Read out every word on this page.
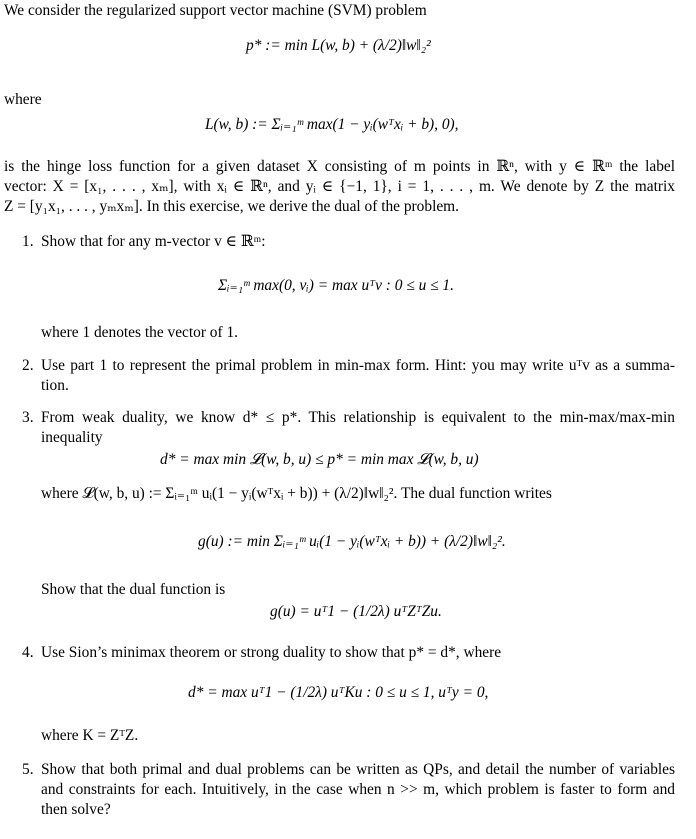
We consider the regularized support vector machine (SVM) problem
p* := min L(w, b) + (λ/2)‖w‖₂²
where
L(w, b) := Σᵢ₌₁ᵐ max(1 − yᵢ(wᵀxᵢ + b), 0),
is the hinge loss function for a given dataset X consisting of m points in ℝⁿ, with y ∈ ℝᵐ the label
vector: X = [x₁, . . . , xₘ], with xᵢ ∈ ℝⁿ, and yᵢ ∈ {−1, 1}, i = 1, . . . , m. We denote by Z the matrix
Z = [y₁x₁, . . . , yₘxₘ]. In this exercise, we derive the dual of the problem.
1. Show that for any m-vector v ∈ ℝᵐ:
Σᵢ₌₁ᵐ max(0, vᵢ) = max uᵀv : 0 ≤ u ≤ 1.
where 1 denotes the vector of 1.
2. Use part 1 to represent the primal problem in min-max form. Hint: you may write uᵀv as a summa-
tion.
3. From weak duality, we know d* ≤ p*. This relationship is equivalent to the min-max/max-min
inequality
d* = max min 𝓛(w, b, u) ≤ p* = min max 𝓛(w, b, u)
where 𝓛(w, b, u) := Σᵢ₌₁ᵐ uᵢ(1 − yᵢ(wᵀxᵢ + b)) + (λ/2)‖w‖₂². The dual function writes
g(u) := min Σᵢ₌₁ᵐ uᵢ(1 − yᵢ(wᵀxᵢ + b)) + (λ/2)‖w‖₂².
Show that the dual function is
g(u) = uᵀ1 − (1/2λ) uᵀZᵀZu.
4. Use Sion’s minimax theorem or strong duality to show that p* = d*, where
d* = max uᵀ1 − (1/2λ) uᵀKu : 0 ≤ u ≤ 1, uᵀy = 0,
where K = ZᵀZ.
5. Show that both primal and dual problems can be written as QPs, and detail the number of variables
and constraints for each. Intuitively, in the case when n >> m, which problem is faster to form and
then solve?
